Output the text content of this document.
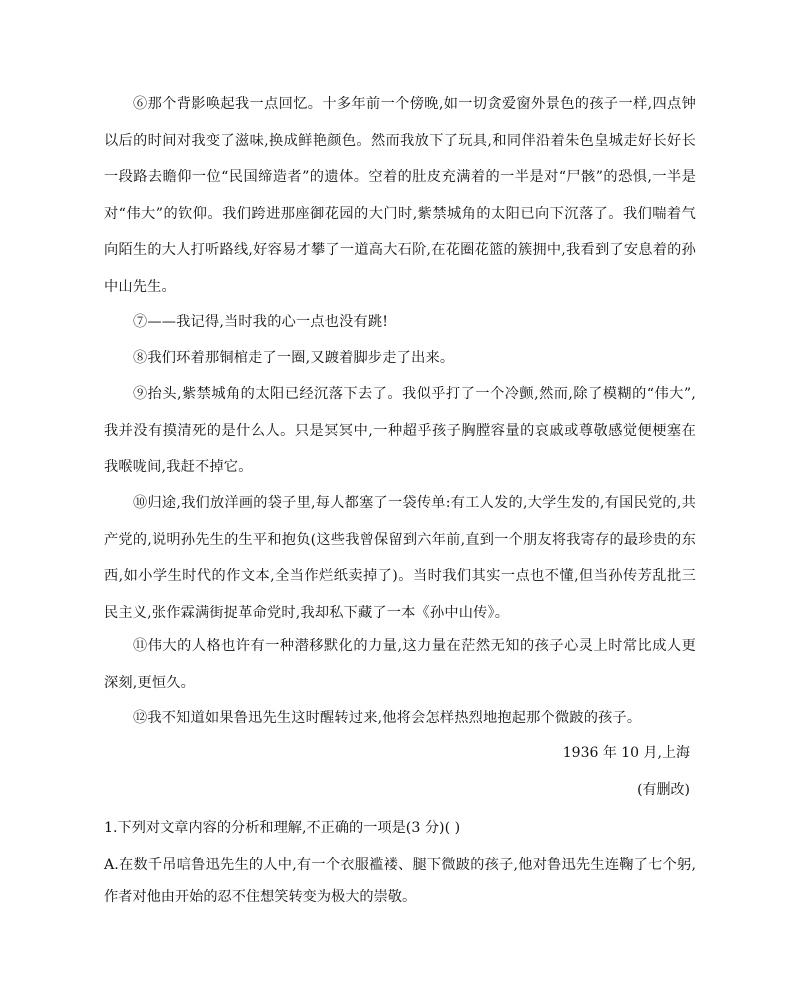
⑥那个背影唤起我一点回忆。十多年前一个傍晚,如一切贪爱窗外景色的孩子一样,四点钟以后的时间对我变了滋味,换成鲜艳颜色。然而我放下了玩具,和同伴沿着朱色皇城走好长好长一段路去瞻仰一位“民国缔造者”的遗体。空着的肚皮充满着的一半是对“尸骸”的恐惧,一半是对“伟大”的钦仰。我们跨进那座御花园的大门时,紫禁城角的太阳已向下沉落了。我们喘着气向陌生的大人打听路线,好容易才攀了一道高大石阶,在花圈花篮的簇拥中,我看到了安息着的孙中山先生。

⑦——我记得,当时我的心一点也没有跳!

⑧我们环着那铜棺走了一圈,又踱着脚步走了出来。

⑨抬头,紫禁城角的太阳已经沉落下去了。我似乎打了一个冷颤,然而,除了模糊的“伟大”,我并没有摸清死的是什么人。只是冥冥中,一种超乎孩子胸膛容量的哀戚或尊敬感觉便梗塞在我喉咙间,我赶不掉它。

⑩归途,我们放洋画的袋子里,每人都塞了一袋传单:有工人发的,大学生发的,有国民党的,共产党的,说明孙先生的生平和抱负(这些我曾保留到六年前,直到一个朋友将我寄存的最珍贵的东西,如小学生时代的作文本,全当作烂纸卖掉了)。当时我们其实一点也不懂,但当孙传芳乱批三民主义,张作霖满街捉革命党时,我却私下藏了一本《孙中山传》。

⑪伟大的人格也许有一种潜移默化的力量,这力量在茫然无知的孩子心灵上时常比成人更深刻,更恒久。

⑫我不知道如果鲁迅先生这时醒转过来,他将会怎样热烈地抱起那个微跛的孩子。

1936 年 10 月,上海

(有删改)

1.下列对文章内容的分析和理解,不正确的一项是(3 分)( )

A.在数千吊唁鲁迅先生的人中,有一个衣服褴褛、腿下微跛的孩子,他对鲁迅先生连鞠了七个躬,作者对他由开始的忍不住想笑转变为极大的崇敬。
